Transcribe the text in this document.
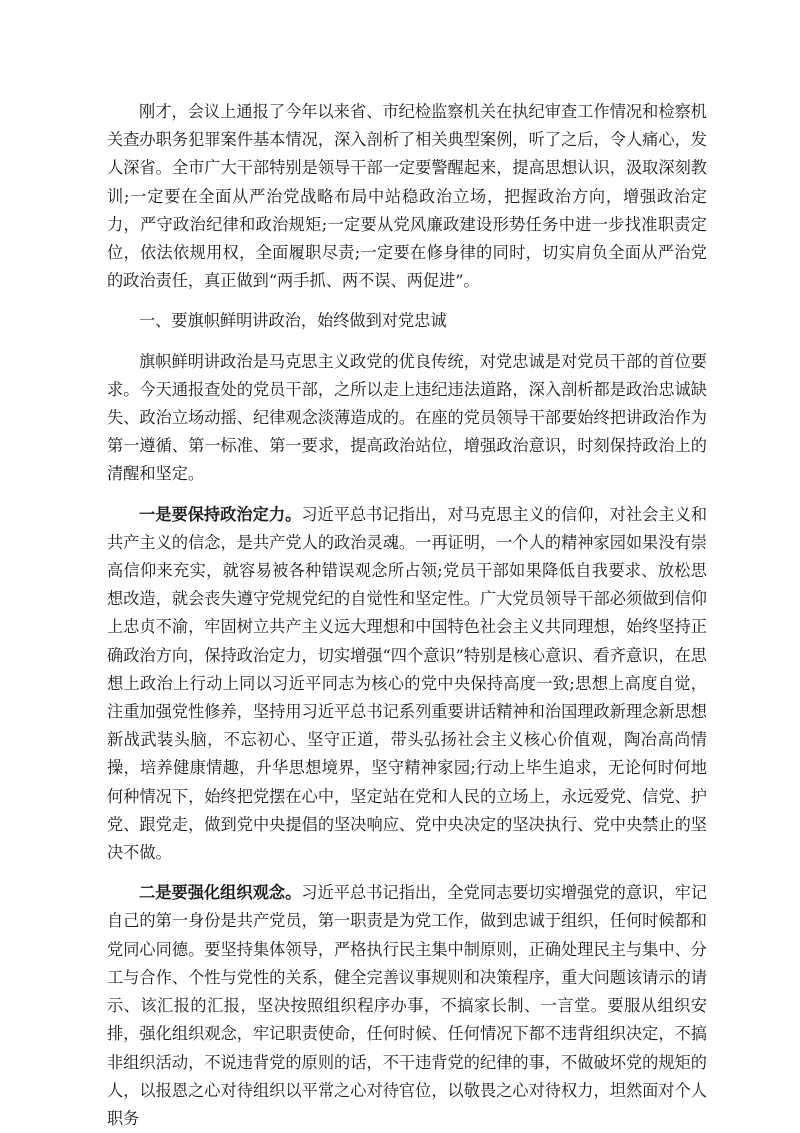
刚才，会议上通报了今年以来省、市纪检监察机关在执纪审查工作情况和检察机关查办职务犯罪案件基本情况，深入剖析了相关典型案例，听了之后，令人痛心，发人深省。全市广大干部特别是领导干部一定要警醒起来，提高思想认识，汲取深刻教训;一定要在全面从严治党战略布局中站稳政治立场，把握政治方向，增强政治定力，严守政治纪律和政治规矩;一定要从党风廉政建设形势任务中进一步找准职责定位，依法依规用权，全面履职尽责;一定要在修身律的同时，切实肩负全面从严治党的政治责任，真正做到“两手抓、两不误、两促进”。

一、要旗帜鲜明讲政治，始终做到对党忠诚

旗帜鲜明讲政治是马克思主义政党的优良传统，对党忠诚是对党员干部的首位要求。今天通报查处的党员干部，之所以走上违纪违法道路，深入剖析都是政治忠诚缺失、政治立场动摇、纪律观念淡薄造成的。在座的党员领导干部要始终把讲政治作为第一遵循、第一标准、第一要求，提高政治站位，增强政治意识，时刻保持政治上的清醒和坚定。

一是要保持政治定力。习近平总书记指出，对马克思主义的信仰，对社会主义和共产主义的信念，是共产党人的政治灵魂。一再证明，一个人的精神家园如果没有崇高信仰来充实，就容易被各种错误观念所占领;党员干部如果降低自我要求、放松思想改造，就会丧失遵守党规党纪的自觉性和坚定性。广大党员领导干部必须做到信仰上忠贞不渝，牢固树立共产主义远大理想和中国特色社会主义共同理想，始终坚持正确政治方向，保持政治定力，切实增强“四个意识”特别是核心意识、看齐意识，在思想上政治上行动上同以习近平同志为核心的党中央保持高度一致;思想上高度自觉，注重加强党性修养，坚持用习近平总书记系列重要讲话精神和治国理政新理念新思想新战武装头脑，不忘初心、坚守正道，带头弘扬社会主义核心价值观，陶冶高尚情操，培养健康情趣，升华思想境界，坚守精神家园;行动上毕生追求，无论何时何地何种情况下，始终把党摆在心中，坚定站在党和人民的立场上，永远爱党、信党、护党、跟党走，做到党中央提倡的坚决响应、党中央决定的坚决执行、党中央禁止的坚决不做。

二是要强化组织观念。习近平总书记指出，全党同志要切实增强党的意识，牢记自己的第一身份是共产党员，第一职责是为党工作，做到忠诚于组织，任何时候都和党同心同德。要坚持集体领导，严格执行民主集中制原则，正确处理民主与集中、分工与合作、个性与党性的关系，健全完善议事规则和决策程序，重大问题该请示的请示、该汇报的汇报，坚决按照组织程序办事，不搞家长制、一言堂。要服从组织安排，强化组织观念，牢记职责使命，任何时候、任何情况下都不违背组织决定，不搞非组织活动，不说违背党的原则的话，不干违背党的纪律的事，不做破坏党的规矩的人，以报恩之心对待组织以平常之心对待官位，以敬畏之心对待权力，坦然面对个人职务
